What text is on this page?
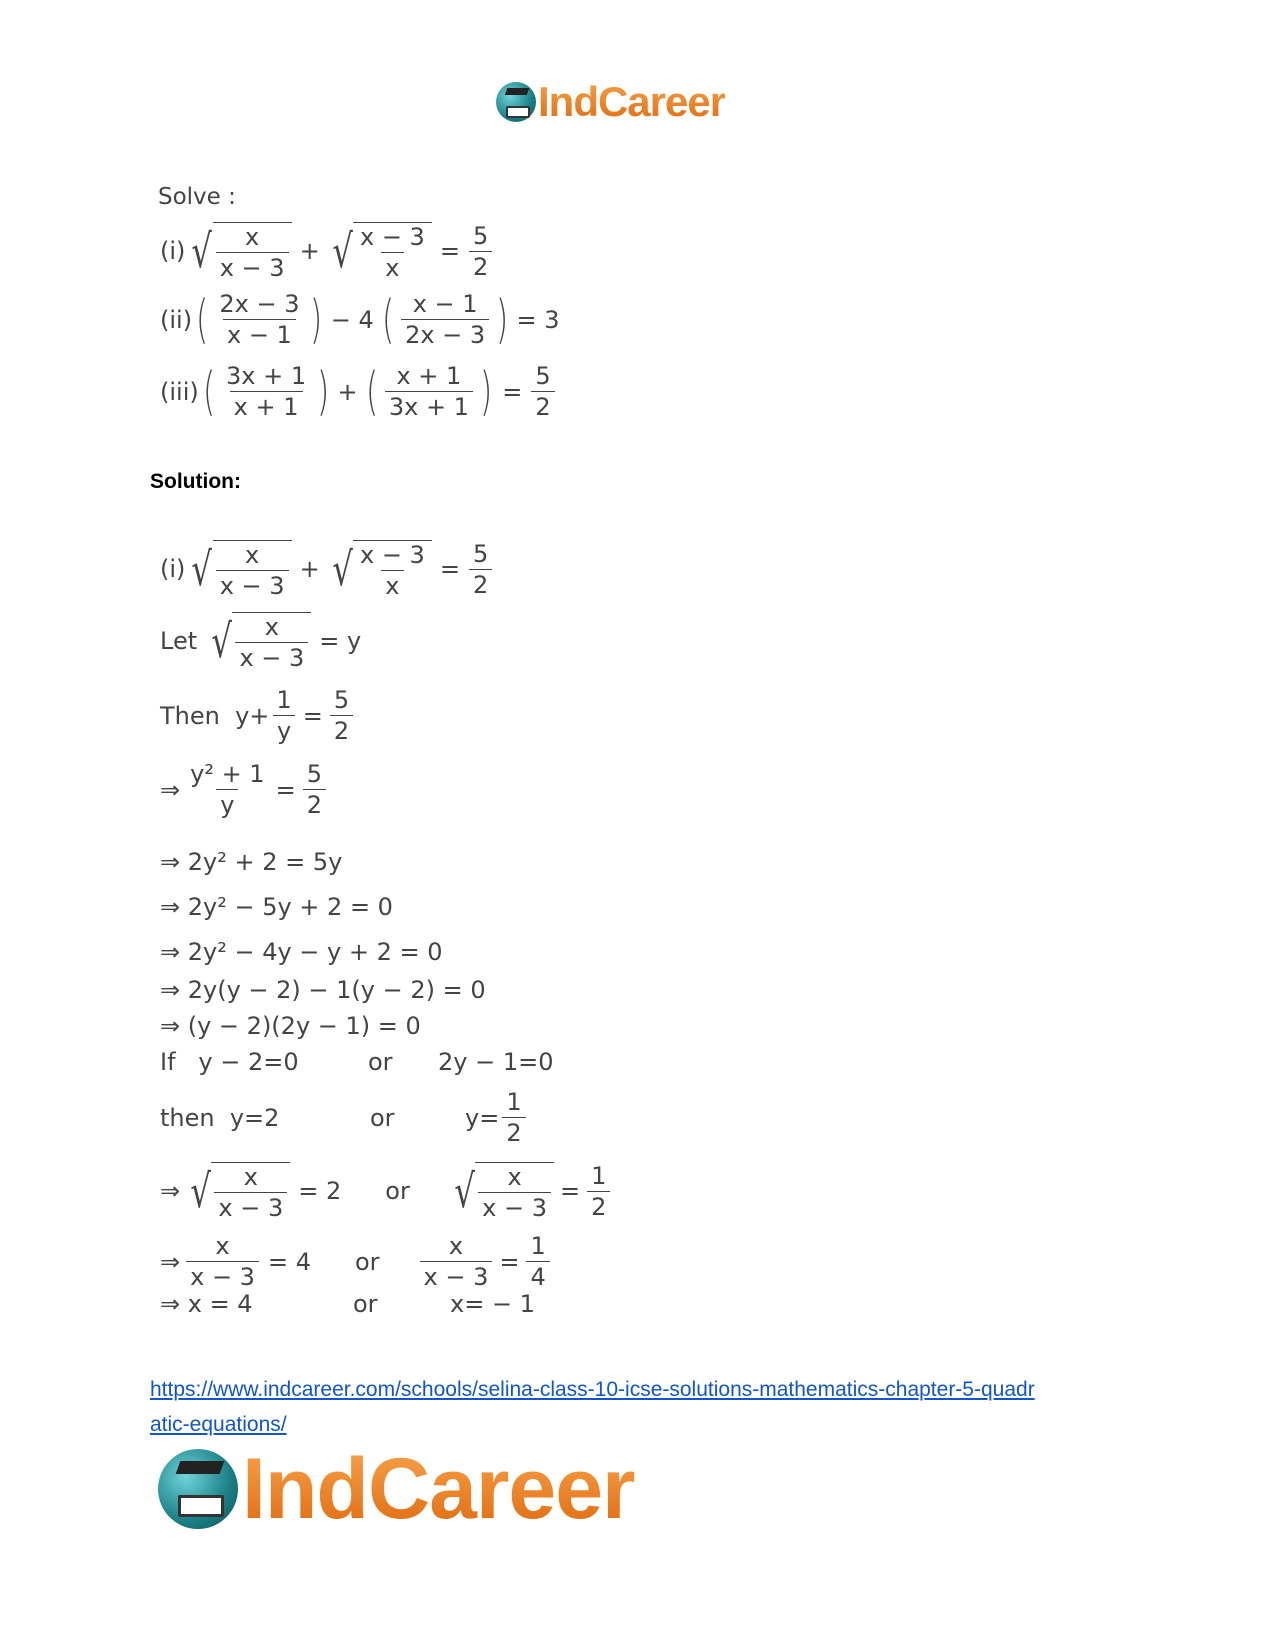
IndCareer
Solve :
(i) √ $\frac{x}{x - 3}$ + √ $\frac{x - 3}{x} = \frac{5}{2}$
(ii) ( $\frac{2x - 3}{x - 1}$ ) − 4 ( $\frac{x - 1}{2x - 3}$ ) = 3
(iii) ( $\frac{3x + 1}{x + 1}$ ) + ( $\frac{x + 1}{3x + 1}$ ) = $\frac{5}{2}$
Solution:
(i) √ $\frac{x}{x - 3}$ + √ $\frac{x - 3}{x} = \frac{5}{2}$
Let √ $\frac{x}{x - 3} = y$
Then  $y+ \frac{1}{y} = \frac{5}{2}$
⇒ $\frac{\text{y² + 1}}{y} = \frac{5}{2}$
⇒ 2y² + 2 = 5y
⇒ 2y² − 5y + 2 = 0
⇒ 2y² − 4y − y + 2 = 0
⇒ 2y(y − 2) − 1(y − 2) = 0
⇒ (y − 2)(2y − 1) = 0
If   y − 2=0	or 2y − 1=0
then  y=2	or	$y= \frac{1}{2}$
⇒ √ $\frac{x}{x - 3} = 2$ or √ $\frac{x}{x - 3} = \frac{1}{2}$
⇒ $\frac{x}{x - 3} = 4$ or $\frac{x}{x - 3} = \frac{1}{4}$
⇒ x = 4	or	x= − 1
https://www.indcareer.com/schools/selina-class-10-icse-solutions-mathematics-chapter-5-quadr
atic-equations/
IndCareer
